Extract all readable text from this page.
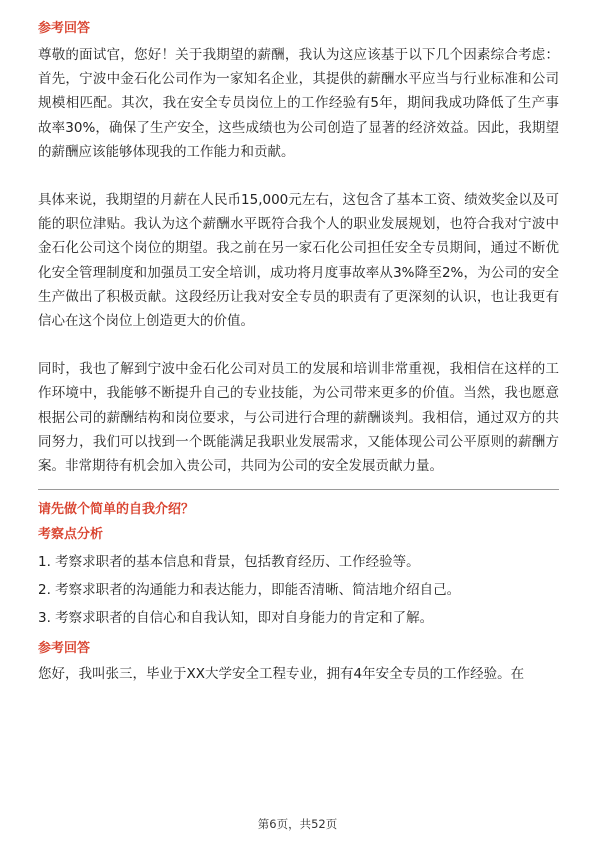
参考回答

尊敬的面试官，您好！关于我期望的薪酬，我认为这应该基于以下几个因素综合考虑：首先，宁波中金石化公司作为一家知名企业，其提供的薪酬水平应当与行业标准和公司规模相匹配。其次，我在安全专员岗位上的工作经验有5年，期间我成功降低了生产事故率30%，确保了生产安全，这些成绩也为公司创造了显著的经济效益。因此，我期望的薪酬应该能够体现我的工作能力和贡献。

具体来说，我期望的月薪在人民币15,000元左右，这包含了基本工资、绩效奖金以及可能的职位津贴。我认为这个薪酬水平既符合我个人的职业发展规划，也符合我对宁波中金石化公司这个岗位的期望。我之前在另一家石化公司担任安全专员期间，通过不断优化安全管理制度和加强员工安全培训，成功将月度事故率从3%降至2%，为公司的安全生产做出了积极贡献。这段经历让我对安全专员的职责有了更深刻的认识，也让我更有信心在这个岗位上创造更大的价值。

同时，我也了解到宁波中金石化公司对员工的发展和培训非常重视，我相信在这样的工作环境中，我能够不断提升自己的专业技能，为公司带来更多的价值。当然，我也愿意根据公司的薪酬结构和岗位要求，与公司进行合理的薪酬谈判。我相信，通过双方的共同努力，我们可以找到一个既能满足我职业发展需求，又能体现公司公平原则的薪酬方案。非常期待有机会加入贵公司，共同为公司的安全发展贡献力量。

请先做个简单的自我介绍？
考察点分析
1. 考察求职者的基本信息和背景，包括教育经历、工作经验等。
2. 考察求职者的沟通能力和表达能力，即能否清晰、简洁地介绍自己。
3. 考察求职者的自信心和自我认知，即对自身能力的肯定和了解。
参考回答

您好，我叫张三，毕业于XX大学安全工程专业，拥有4年安全专员的工作经验。在

第6页，共52页
